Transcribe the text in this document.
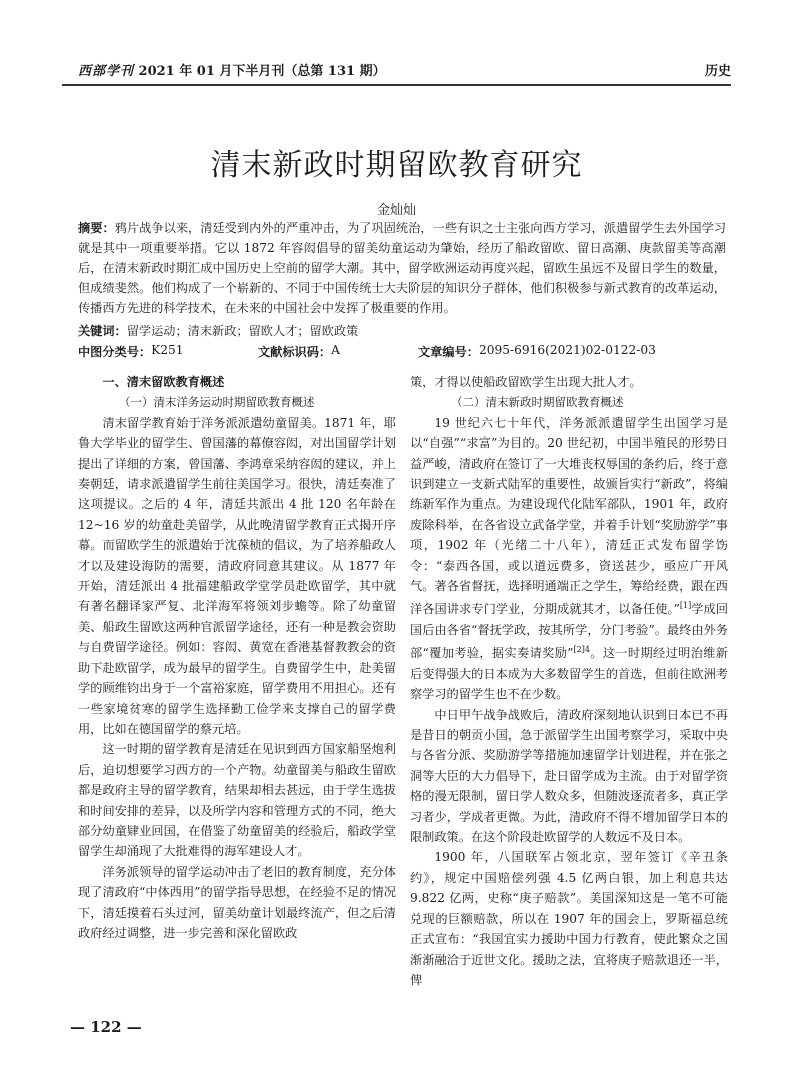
西部学刊 2021 年 01 月下半月刊（总第 131 期）	历史
清末新政时期留欧教育研究
金灿灿
摘要：鸦片战争以来，清廷受到内外的严重冲击，为了巩固统治，一些有识之士主张向西方学习，派遣留学生去外国学习就是其中一项重要举措。它以 1872 年容闳倡导的留美幼童运动为肇始，经历了船政留欧、留日高潮、庚款留美等高潮后，在清末新政时期汇成中国历史上空前的留学大潮。其中，留学欧洲运动再度兴起，留欧生虽远不及留日学生的数量，但成绩斐然。他们构成了一个崭新的、不同于中国传统士大夫阶层的知识分子群体，他们积极参与新式教育的改革运动，传播西方先进的科学技术，在未来的中国社会中发挥了极重要的作用。
关键词：留学运动；清末新政；留欧人才；留欧政策
中图分类号： K251	文献标识码： A	文章编号： 2095-6916(2021)02-0122-03

一、清末留欧教育概述

（一）清末洋务运动时期留欧教育概述

清末留学教育始于洋务派派遣幼童留美。1871 年，耶鲁大学毕业的留学生、曾国藩的幕僚容闳，对出国留学计划提出了详细的方案，曾国藩、李鸿章采纳容闳的建议，并上奏朝廷，请求派遣留学生前往美国学习。很快，清廷奏准了这项提议。之后的 4 年，清廷共派出 4 批 120 名年龄在 12~16 岁的幼童赴美留学，从此晚清留学教育正式揭开序幕。而留欧学生的派遣始于沈葆桢的倡议，为了培养船政人才以及建设海防的需要，清政府同意其建议。从 1877 年开始，清廷派出 4 批福建船政学堂学员赴欧留学，其中就有著名翻译家严复、北洋海军将领刘步蟾等。除了幼童留美、船政生留欧这两种官派留学途径，还有一种是教会资助与自费留学途径。例如：容闳、黄宽在香港基督教教会的资助下赴欧留学，成为最早的留学生。自费留学生中，赴美留学的顾维钧出身于一个富裕家庭，留学费用不用担心。还有一些家境贫寒的留学生选择勤工俭学来支撑自己的留学费用，比如在德国留学的蔡元培。

这一时期的留学教育是清廷在见识到西方国家船坚炮利后，迫切想要学习西方的一个产物。幼童留美与船政生留欧都是政府主导的留学教育，结果却相去甚远，由于学生选拔和时间安排的差异，以及所学内容和管理方式的不同，绝大部分幼童肄业回国，在借鉴了幼童留美的经验后，船政学堂留学生却涌现了大批难得的海军建设人才。

洋务派领导的留学运动冲击了老旧的教育制度，充分体现了清政府“中体西用”的留学指导思想，在经验不足的情况下，清廷摸着石头过河，留美幼童计划最终流产，但之后清政府经过调整，进一步完善和深化留欧政

策，才得以使船政留欧学生出现大批人才。

（二）清末新政时期留欧教育概述

19 世纪六七十年代，洋务派派遣留学生出国学习是以“自强”“求富”为目的。20 世纪初，中国半殖民的形势日益严峻，清政府在签订了一大堆丧权辱国的条约后，终于意识到建立一支新式陆军的重要性，故颁旨实行“新政”，将编练新军作为重点。为建设现代化陆军部队，1901 年，政府废除科举，在各省设立武备学堂，并着手计划“奖励游学”事项，1902 年（光绪二十八年），清廷正式发布留学饬令：“泰西各国，或以道远费多，资送甚少，亟应广开风气。著各省督抚，选择明通端正之学生，筹给经费，跟在西洋各国讲求专门学业，分期成就其才，以备任使。”[1]学成回国后由各省“督抚学政，按其所学，分门考验”。最终由外务部“覆加考验，据实奏请奖励”$^{[2]4}$。这一时期经过明治维新后变得强大的日本成为大多数留学生的首选，但前往欧洲考察学习的留学生也不在少数。

中日甲午战争战败后，清政府深刻地认识到日本已不再是昔日的朝贡小国，急于派留学生出国考察学习，采取中央与各省分派、奖励游学等措施加速留学计划进程，并在张之洞等大臣的大力倡导下，赴日留学成为主流。由于对留学资格的漫无限制，留日学人数众多，但随波逐流者多，真正学习者少，学成者更微。为此，清政府不得不增加留学日本的限制政策。在这个阶段赴欧留学的人数远不及日本。

1900 年，八国联军占领北京，翌年签订《辛丑条约》，规定中国赔偿列强 4.5 亿两白银，加上利息共达 9.822 亿两，史称“庚子赔款”。美国深知这是一笔不可能兑现的巨额赔款，所以在 1907 年的国会上，罗斯福总统正式宣布：“我国宜实力援助中国力行教育，使此繁众之国渐渐融洽于近世文化。援助之法，宜将庚子赔款退还一半，俾

— 122 —
